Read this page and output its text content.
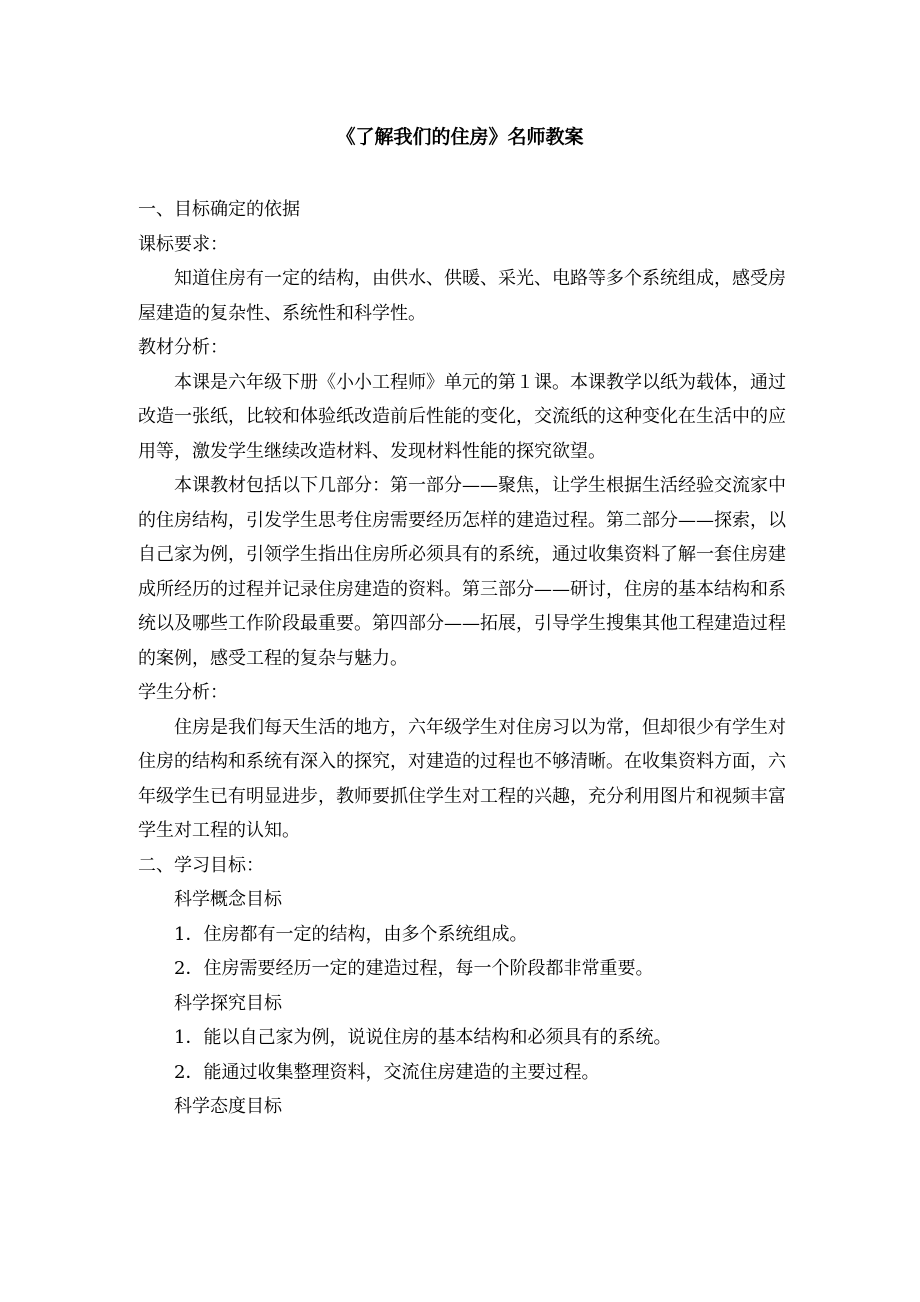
《了解我们的住房》名师教案

一、目标确定的依据

课标要求：

知道住房有一定的结构，由供水、供暖、采光、电路等多个系统组成，感受房屋建造的复杂性、系统性和科学性。

教材分析：

本课是六年级下册《小小工程师》单元的第１课。本课教学以纸为载体，通过改造一张纸，比较和体验纸改造前后性能的变化，交流纸的这种变化在生活中的应用等，激发学生继续改造材料、发现材料性能的探究欲望。

本课教材包括以下几部分：第一部分——聚焦，让学生根据生活经验交流家中的住房结构，引发学生思考住房需要经历怎样的建造过程。第二部分——探索，以自己家为例，引领学生指出住房所必须具有的系统，通过收集资料了解一套住房建成所经历的过程并记录住房建造的资料。第三部分——研讨，住房的基本结构和系统以及哪些工作阶段最重要。第四部分——拓展，引导学生搜集其他工程建造过程的案例，感受工程的复杂与魅力。

学生分析：

住房是我们每天生活的地方，六年级学生对住房习以为常，但却很少有学生对住房的结构和系统有深入的探究，对建造的过程也不够清晰。在收集资料方面，六年级学生已有明显进步，教师要抓住学生对工程的兴趣，充分利用图片和视频丰富学生对工程的认知。

二、学习目标：

科学概念目标

1．住房都有一定的结构，由多个系统组成。

2．住房需要经历一定的建造过程，每一个阶段都非常重要。

科学探究目标

1．能以自己家为例，说说住房的基本结构和必须具有的系统。

2．能通过收集整理资料，交流住房建造的主要过程。

科学态度目标
